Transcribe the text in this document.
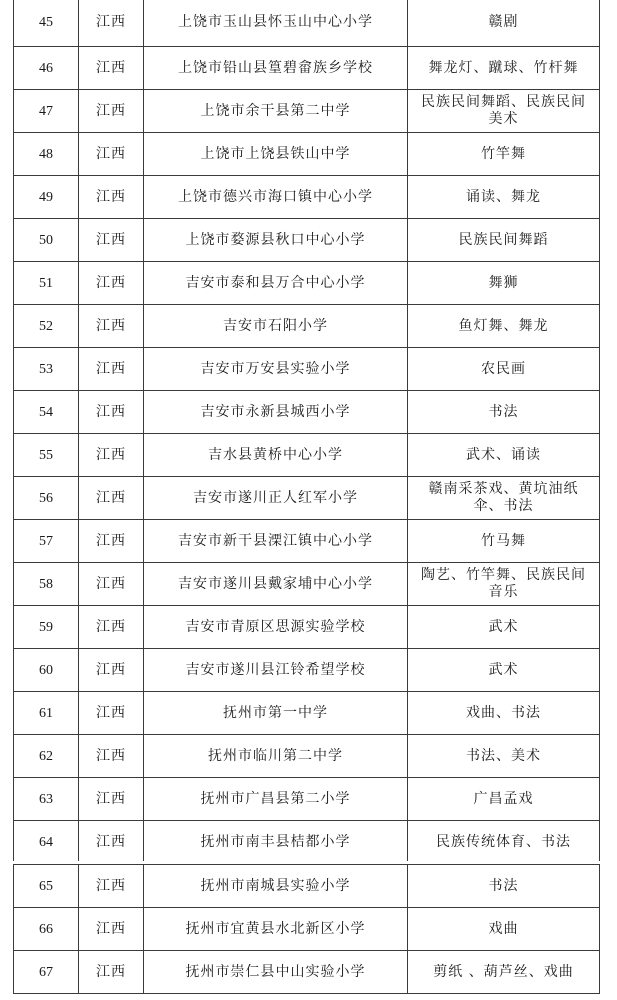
45	江西	上饶市玉山县怀玉山中心小学	赣剧
46	江西	上饶市铅山县篁碧畲族乡学校	舞龙灯、蹴球、竹杆舞
47	江西	上饶市余干县第二中学	民族民间舞蹈、民族民间美术
48	江西	上饶市上饶县铁山中学	竹竿舞
49	江西	上饶市德兴市海口镇中心小学	诵读、舞龙
50	江西	上饶市婺源县秋口中心小学	民族民间舞蹈
51	江西	吉安市泰和县万合中心小学	舞狮
52	江西	吉安市石阳小学	鱼灯舞、舞龙
53	江西	吉安市万安县实验小学	农民画
54	江西	吉安市永新县城西小学	书法
55	江西	吉水县黄桥中心小学	武术、诵读
56	江西	吉安市遂川正人红军小学	赣南采茶戏、黄坑油纸伞、书法
57	江西	吉安市新干县溧江镇中心小学	竹马舞
58	江西	吉安市遂川县戴家埔中心小学	陶艺、竹竿舞、民族民间音乐
59	江西	吉安市青原区思源实验学校	武术
60	江西	吉安市遂川县江铃希望学校	武术
61	江西	抚州市第一中学	戏曲、书法
62	江西	抚州市临川第二中学	书法、美术
63	江西	抚州市广昌县第二小学	广昌孟戏
64	江西	抚州市南丰县桔都小学	民族传统体育、书法
65	江西	抚州市南城县实验小学	书法
66	江西	抚州市宜黄县水北新区小学	戏曲
67	江西	抚州市崇仁县中山实验小学	剪纸 、葫芦丝、戏曲
